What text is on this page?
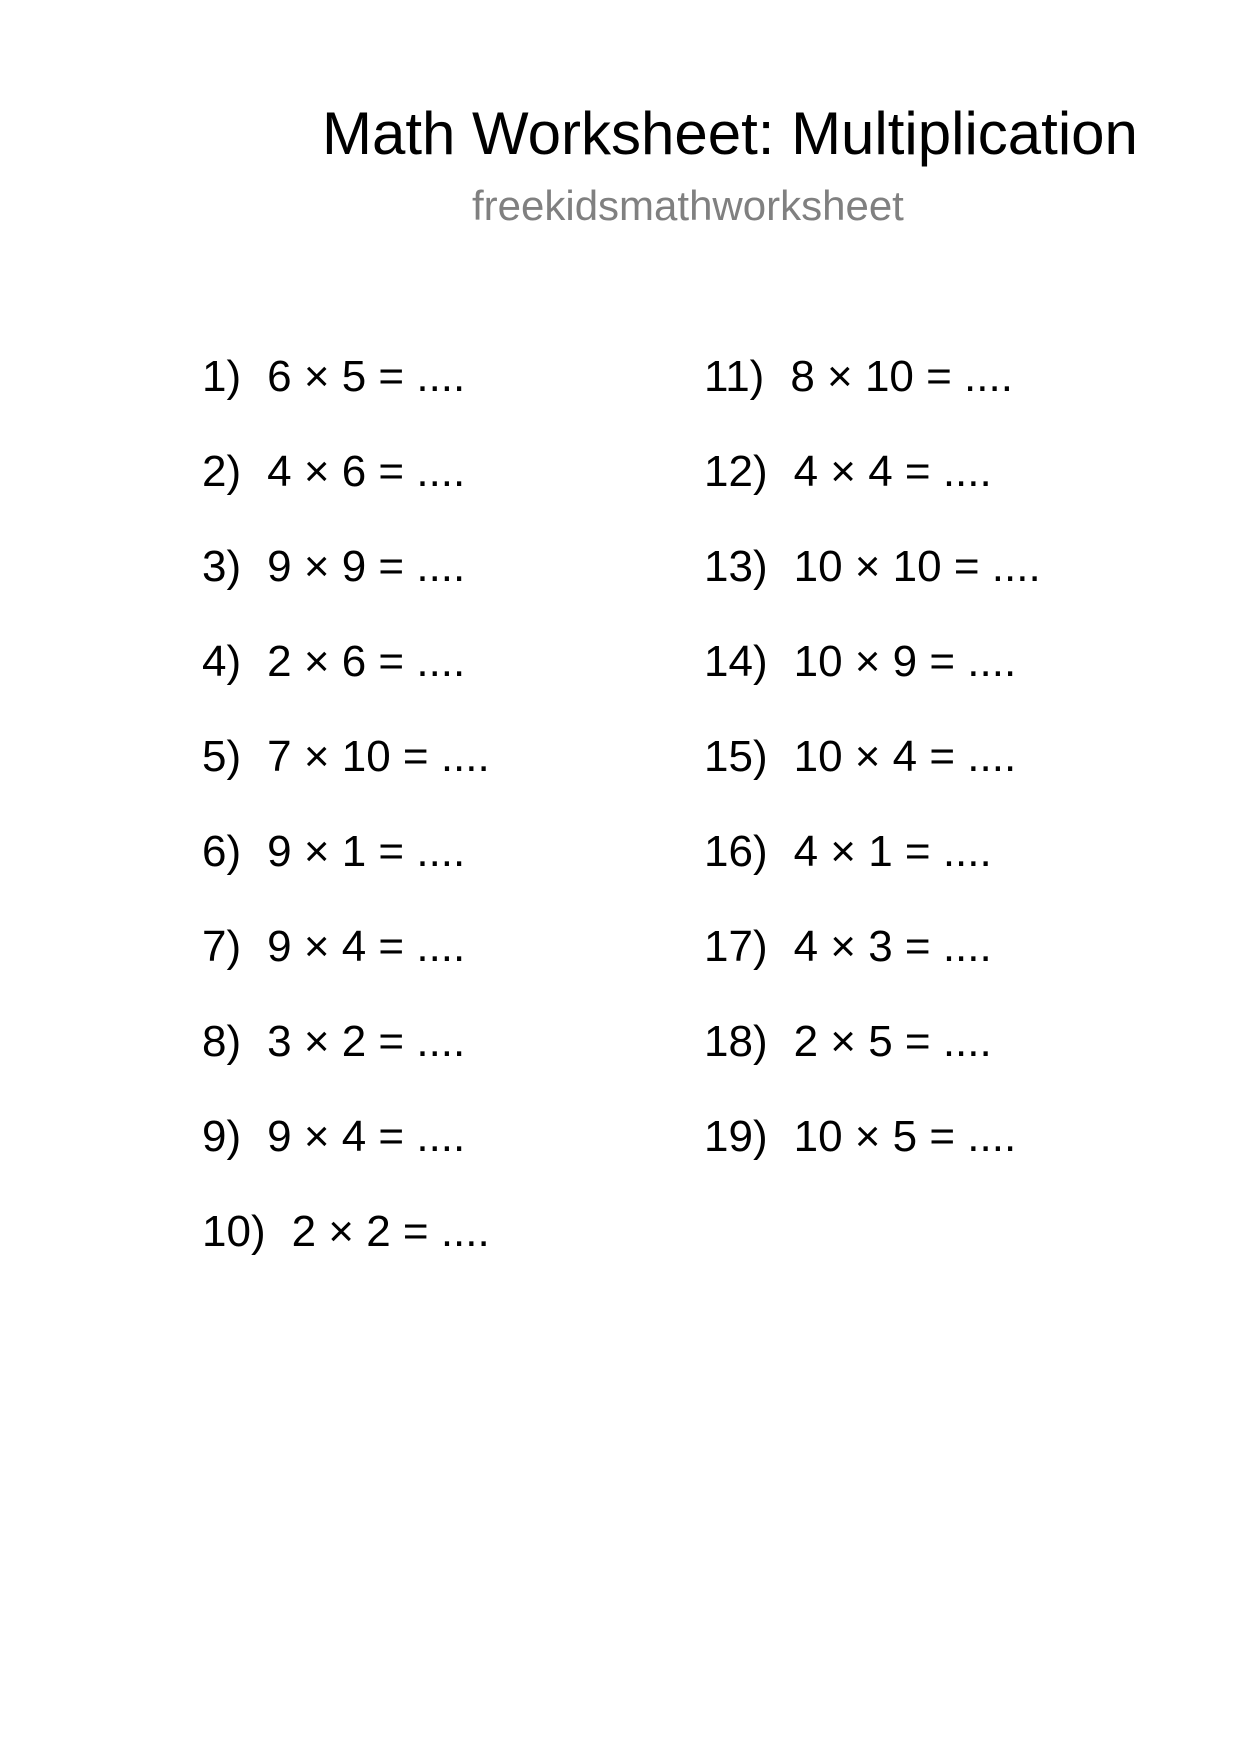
Math Worksheet: Multiplication
freekidsmathworksheet
1) 6 × 5 = ....
2) 4 × 6 = ....
3) 9 × 9 = ....
4) 2 × 6 = ....
5) 7 × 10 = ....
6) 9 × 1 = ....
7) 9 × 4 = ....
8) 3 × 2 = ....
9) 9 × 4 = ....
10) 2 × 2 = ....
11) 8 × 10 = ....
12) 4 × 4 = ....
13) 10 × 10 = ....
14) 10 × 9 = ....
15) 10 × 4 = ....
16) 4 × 1 = ....
17) 4 × 3 = ....
18) 2 × 5 = ....
19) 10 × 5 = ....
